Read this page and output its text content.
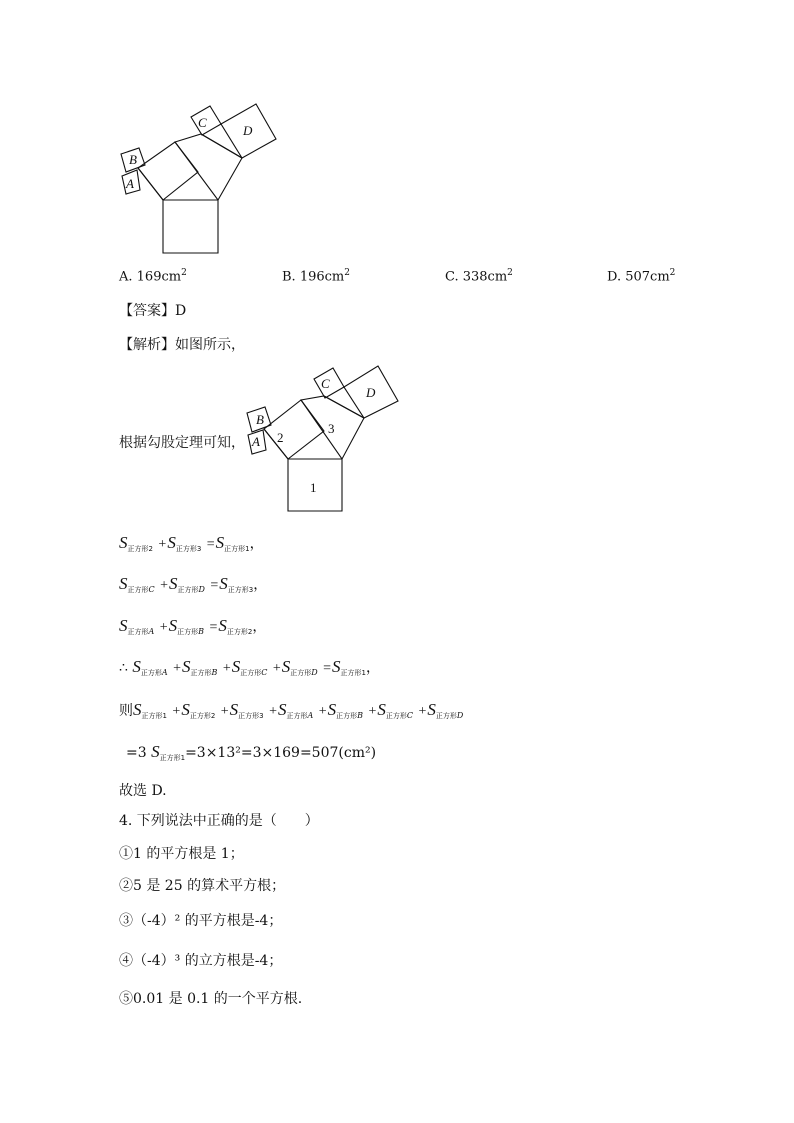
A
B
C
D
A. $169cm^2$	B. $196cm^2$	C. $338cm^2$	D. $507cm^2$
【答案】D
【解析】如图所示，
根据勾股定理可知， A
B
C
D
1
2
3
$S_{正方形2} +S_{正方形3} =S_{正方形1}$，
$S_{正方形C} +S_{正方形D} =S_{正方形3}$，
$S_{正方形A} +S_{正方形B} =S_{正方形2}$，
∴ $S_{正方形A} +S_{正方形B} +S_{正方形C} +S_{正方形D} =S_{正方形1}$，
则$S_{正方形1} +S_{正方形2} +S_{正方形3} +S_{正方形A} +S_{正方形B} +S_{正方形C} +S_{正方形D}$
=3 $S_{正方形1}=3\times 13^2=3\times 169=507(cm^2)$
故选 D.
4. 下列说法中正确的是（　　）
①1 的平方根是 1；
②5 是 25 的算术平方根；
③（-4）² 的平方根是-4；
④（-4）³ 的立方根是-4；
⑤0.01 是 0.1 的一个平方根.
